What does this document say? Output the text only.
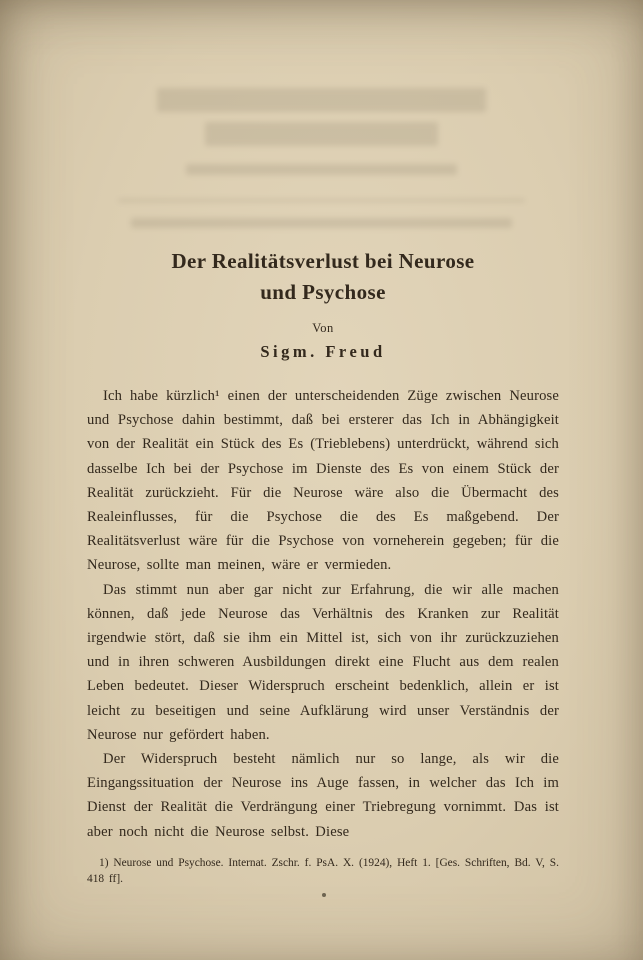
Der Realitätsverlust bei Neurose
und Psychose
Von
Sigm. Freud

Ich habe kürzlich¹ einen der unterscheidenden Züge zwischen Neurose und Psychose dahin bestimmt, daß bei ersterer das Ich in Abhängigkeit von der Realität ein Stück des Es (Trieblebens) unterdrückt, während sich dasselbe Ich bei der Psychose im Dienste des Es von einem Stück der Realität zurückzieht. Für die Neurose wäre also die Übermacht des Realeinflusses, für die Psychose die des Es maßgebend. Der Realitätsverlust wäre für die Psychose von vorneherein gegeben; für die Neurose, sollte man meinen, wäre er vermieden.

Das stimmt nun aber gar nicht zur Erfahrung, die wir alle machen können, daß jede Neurose das Verhältnis des Kranken zur Realität irgendwie stört, daß sie ihm ein Mittel ist, sich von ihr zurückzuziehen und in ihren schweren Ausbildungen direkt eine Flucht aus dem realen Leben bedeutet. Dieser Widerspruch erscheint bedenklich, allein er ist leicht zu beseitigen und seine Aufklärung wird unser Verständnis der Neurose nur gefördert haben.

Der Widerspruch besteht nämlich nur so lange, als wir die Eingangssituation der Neurose ins Auge fassen, in welcher das Ich im Dienst der Realität die Verdrängung einer Triebregung vornimmt. Das ist aber noch nicht die Neurose selbst. Diese

1) Neurose und Psychose. Internat. Zschr. f. PsA. X. (1924), Heft 1. [Ges. Schriften, Bd. V, S. 418 ff].
